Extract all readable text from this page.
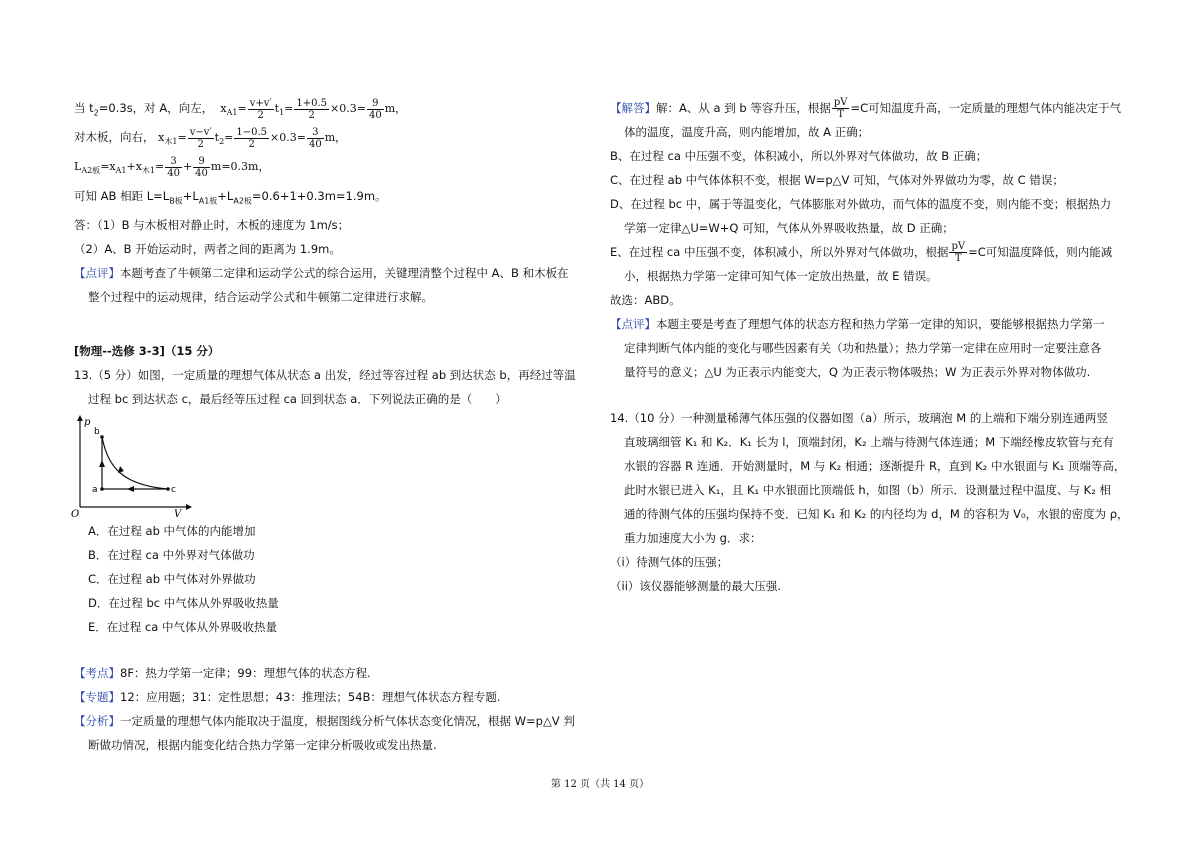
当 $t_2=0.3s$，对 A，向左， $x_{A1}= \frac{v+v'}{2} t_1= \frac{1+0.5}{2} \times 0.3= \frac{9}{40}$ m，
对木板，向右， $x_{木1}= \frac{v-v'}{2} t_2= \frac{1-0.5}{2} \times 0.3= \frac{3}{40}$ m，
$L_{A2板}=x_{A1}+x_{木1}= \frac{3}{40} + \frac{9}{40} m=0.3m$，
可知 AB 相距 $L=L_{B板}+L_{A1板}+L_{A2板}=0.6+1+0.3m=1.9m$。
答：（1）B 与木板相对静止时，木板的速度为 1m/s；
（2）A、B 开始运动时，两者之间的距离为 1.9m。
【点评】本题考查了牛顿第二定律和运动学公式的综合运用，关键理清整个过程中 A、B 和木板在
整个过程中的运动规律，结合运动学公式和牛顿第二定律进行求解。
[物理--选修 3-3]（15 分）
13.（5 分）如图，一定质量的理想气体从状态 a 出发，经过等容过程 ab 到达状态 b，再经过等温
过程 bc 到达状态 c，最后经等压过程 ca 回到状态 a．下列说法正确的是（　　）
p
V
O
a
b
c
A．在过程 ab 中气体的内能增加
B．在过程 ca 中外界对气体做功
C．在过程 ab 中气体对外界做功
D．在过程 bc 中气体从外界吸收热量
E．在过程 ca 中气体从外界吸收热量
【考点】8F：热力学第一定律；99：理想气体的状态方程.
【专题】12：应用题；31：定性思想；43：推理法；54B：理想气体状态方程专题.
【分析】一定质量的理想气体内能取决于温度，根据图线分析气体状态变化情况，根据 W=p△V 判
断做功情况，根据内能变化结合热力学第一定律分析吸收或发出热量.
【解答】解：A、从 a 到 b 等容升压，根据 $\frac{pV}{T} =C$可知温度升高，一定质量的理想气体内能决定于气
体的温度，温度升高，则内能增加，故 A 正确；
B、在过程 ca 中压强不变，体积减小，所以外界对气体做功，故 B 正确；
C、在过程 ab 中气体体积不变，根据 W=p△V 可知，气体对外界做功为零，故 C 错误；
D、在过程 bc 中，属于等温变化，气体膨胀对外做功，而气体的温度不变，则内能不变；根据热力
学第一定律△U=W+Q 可知，气体从外界吸收热量，故 D 正确；
E、在过程 ca 中压强不变，体积减小，所以外界对气体做功，根据 $\frac{pV}{T} =C$可知温度降低，则内能减
小，根据热力学第一定律可知气体一定放出热量，故 E 错误。
故选：ABD。
【点评】本题主要是考查了理想气体的状态方程和热力学第一定律的知识，要能够根据热力学第一
定律判断气体内能的变化与哪些因素有关（功和热量）；热力学第一定律在应用时一定要注意各
量符号的意义；△U 为正表示内能变大，Q 为正表示物体吸热；W 为正表示外界对物体做功.
14.（10 分）一种测量稀薄气体压强的仪器如图（a）所示，玻璃泡 M 的上端和下端分别连通两竖
直玻璃细管 K₁ 和 K₂．K₁ 长为 l，顶端封闭，K₂ 上端与待测气体连通；M 下端经橡皮软管与充有
水银的容器 R 连通．开始测量时，M 与 K₂ 相通；逐渐提升 R，直到 K₂ 中水银面与 K₁ 顶端等高，
此时水银已进入 K₁，且 K₁ 中水银面比顶端低 h，如图（b）所示．设测量过程中温度、与 K₂ 相
通的待测气体的压强均保持不变．已知 K₁ 和 K₂ 的内径均为 d，M 的容积为 V₀，水银的密度为 ρ，
重力加速度大小为 g．求：
（i）待测气体的压强；
（ii）该仪器能够测量的最大压强.
第 12 页（共 14 页）
